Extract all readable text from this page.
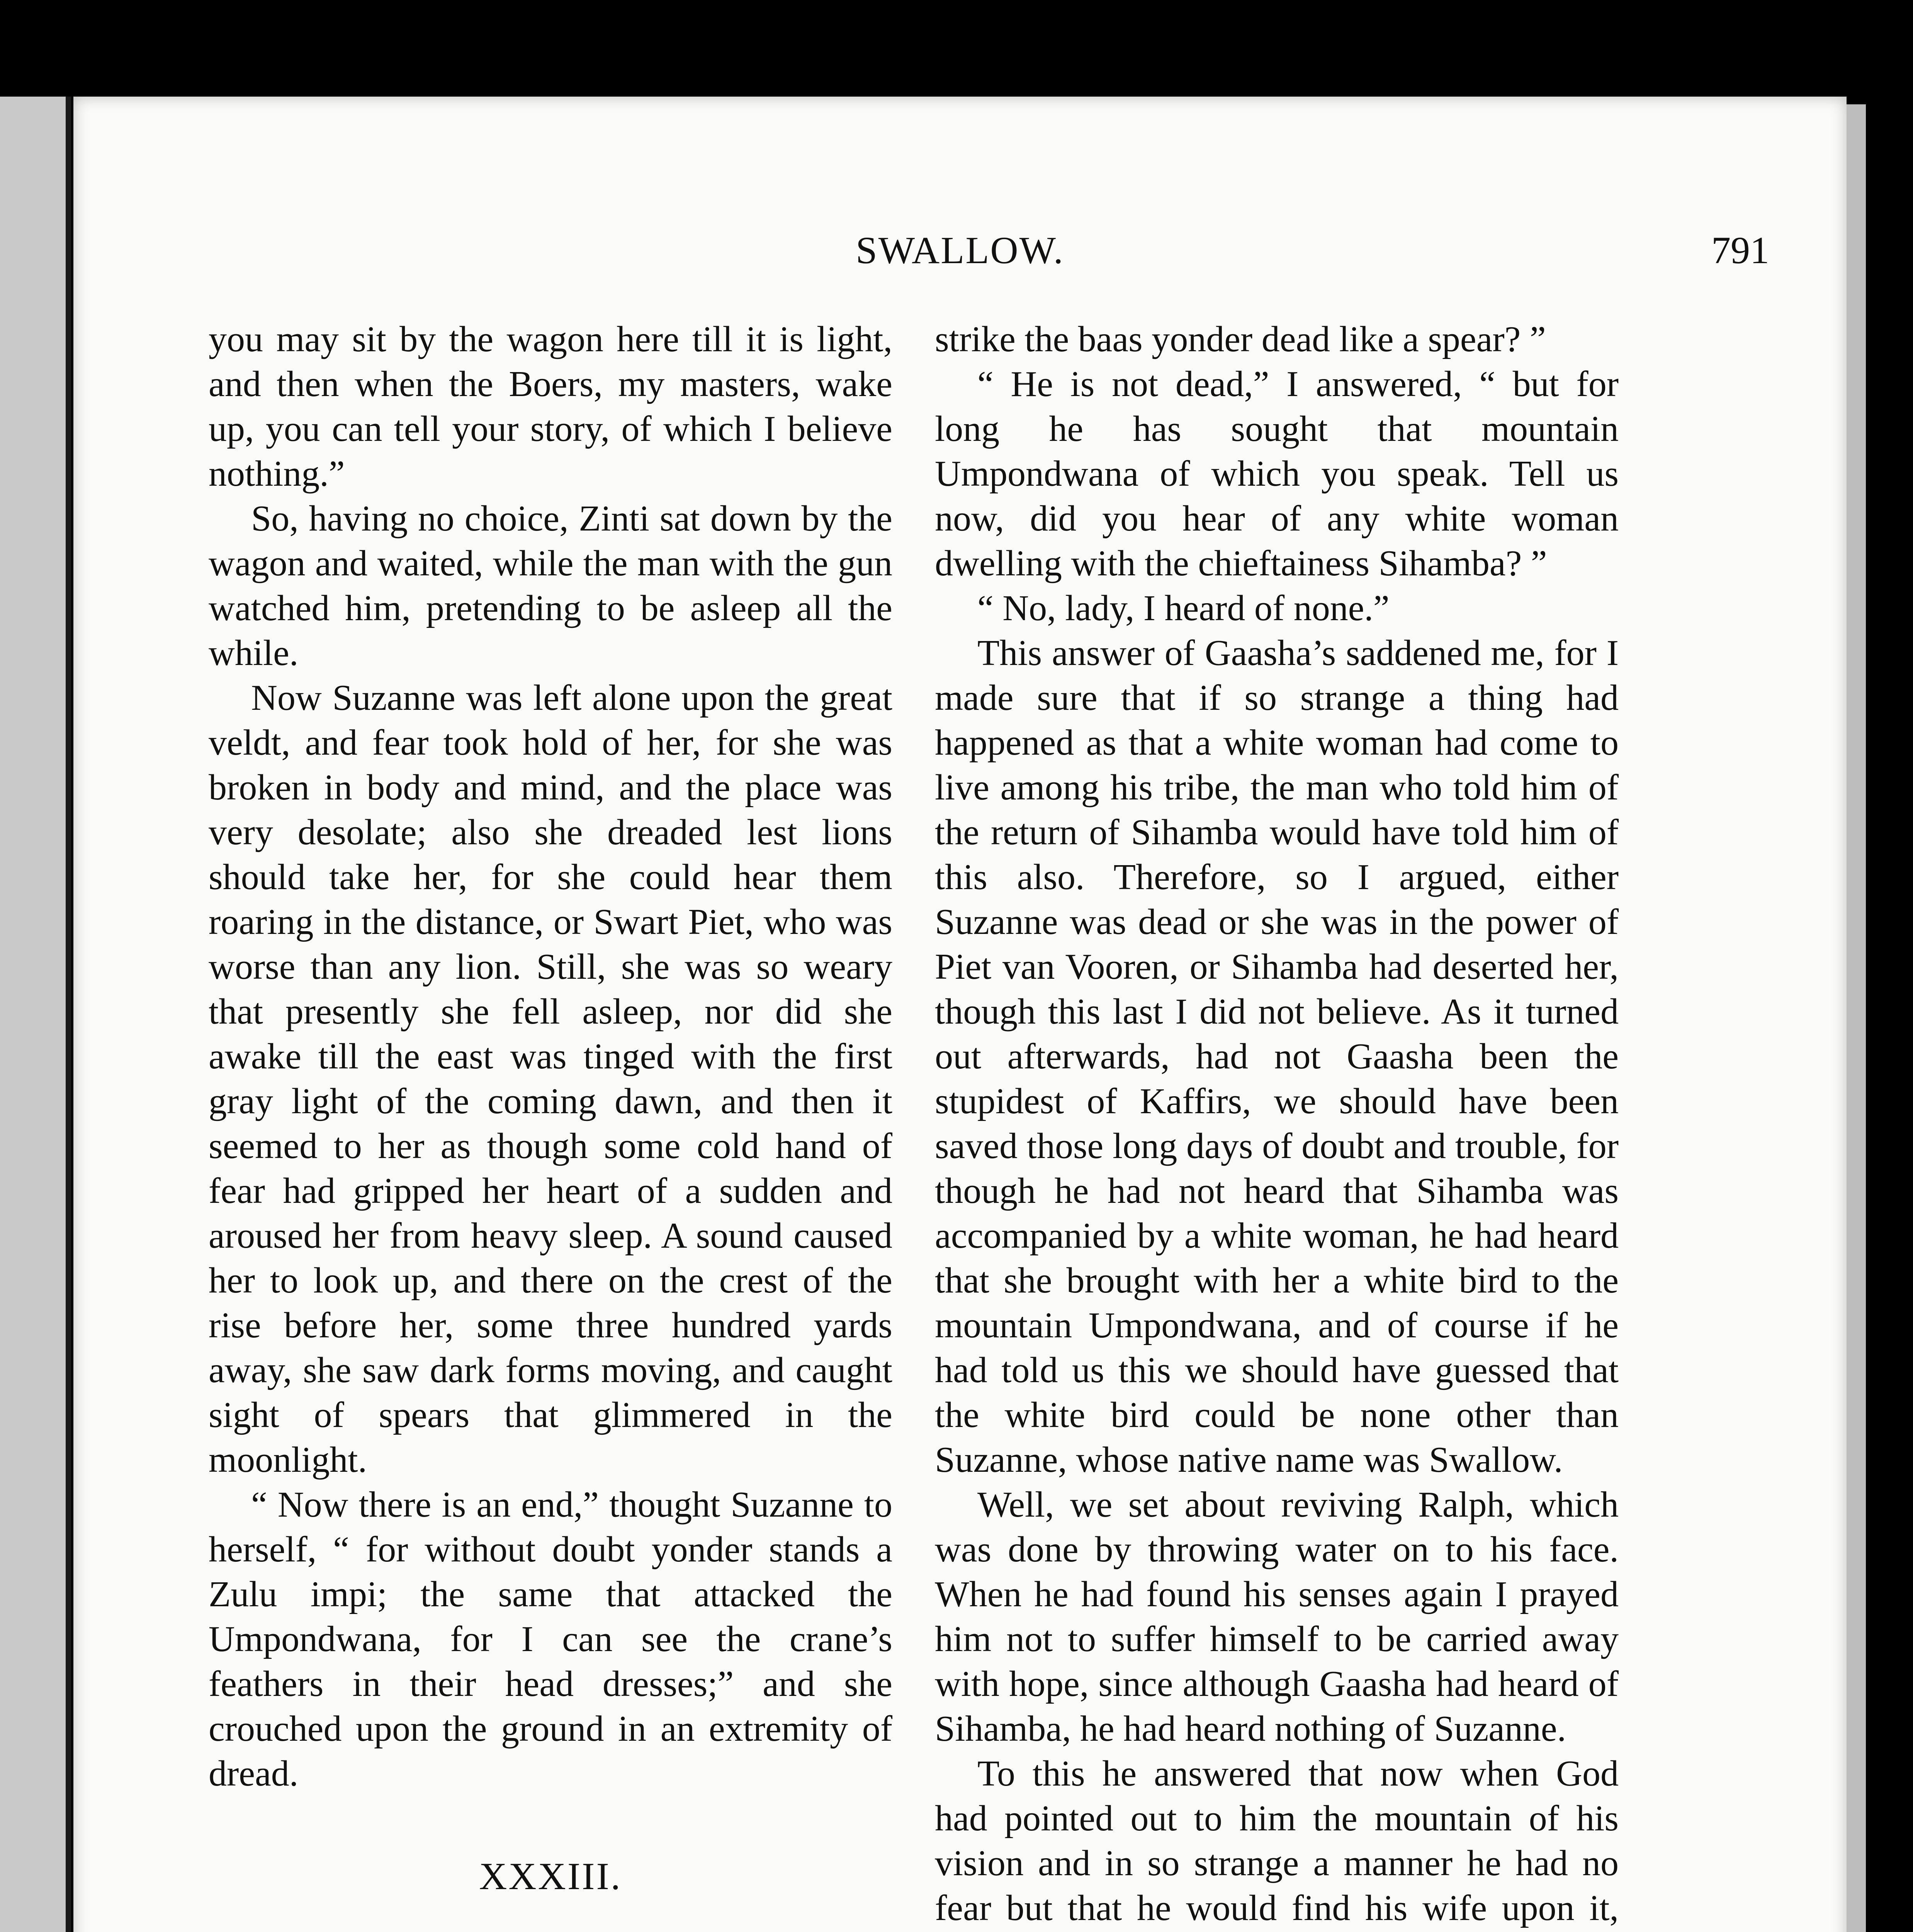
SWALLOW.	791

you may sit by the wagon here till it is light, and then when the Boers, my masters, wake up, you can tell your story, of which I believe nothing.”

So, having no choice, Zinti sat down by the wagon and waited, while the man with the gun watched him, pretending to be asleep all the while.

Now Suzanne was left alone upon the great veldt, and fear took hold of her, for she was broken in body and mind, and the place was very desolate; also she dreaded lest lions should take her, for she could hear them roaring in the distance, or Swart Piet, who was worse than any lion. Still, she was so weary that presently she fell asleep, nor did she awake till the east was tinged with the first gray light of the coming dawn, and then it seemed to her as though some cold hand of fear had gripped her heart of a sudden and aroused her from heavy sleep. A sound caused her to look up, and there on the crest of the rise before her, some three hundred yards away, she saw dark forms moving, and caught sight of spears that glimmered in the moonlight.

“ Now there is an end,” thought Suzanne to herself, “ for without doubt yonder stands a Zulu impi; the same that attacked the Umpondwana, for I can see the crane’s feathers in their head dresses;” and she crouched upon the ground in an extremity of dread.

XXXIII.

strike the baas yonder dead like a spear? ”

“ He is not dead,” I answered, “ but for long he has sought that mountain Umpondwana of which you speak. Tell us now, did you hear of any white woman dwelling with the chieftainess Sihamba? ”

“ No, lady, I heard of none.”

This answer of Gaasha’s saddened me, for I made sure that if so strange a thing had happened as that a white woman had come to live among his tribe, the man who told him of the return of Sihamba would have told him of this also. Therefore, so I argued, either Suzanne was dead or she was in the power of Piet van Vooren, or Sihamba had deserted her, though this last I did not believe. As it turned out afterwards, had not Gaasha been the stupidest of Kaffirs, we should have been saved those long days of doubt and trouble, for though he had not heard that Sihamba was accompanied by a white woman, he had heard that she brought with her a white bird to the mountain Umpondwana, and of course if he had told us this we should have guessed that the white bird could be none other than Suzanne, whose native name was Swallow.

Well, we set about reviving Ralph, which was done by throwing water on to his face. When he had found his senses again I prayed him not to suffer himself to be carried away with hope, since although Gaasha had heard of Sihamba, he had heard nothing of Suzanne.

To this he answered that now when God had pointed out to him the mountain of his vision and in so strange a manner he had no fear but that he would find his wife upon it,
